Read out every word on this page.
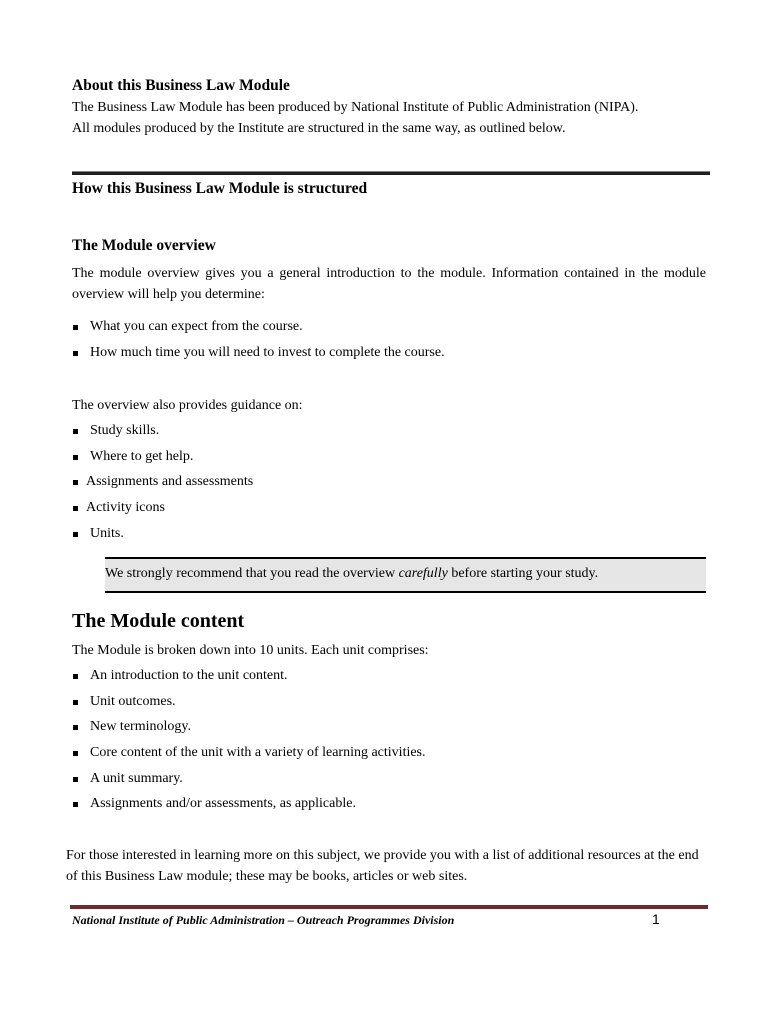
About this Business Law Module

The Business Law Module has been produced by National Institute of Public Administration (NIPA).

All modules produced by the Institute are structured in the same way, as outlined below.

How this Business Law Module is structured
The Module overview

The module overview gives you a general introduction to the module. Information contained in the module overview will help you determine:

What you can expect from the course.
How much time you will need to invest to complete the course.

The overview also provides guidance on:

Study skills.
Where to get help.
Assignments and assessments
Activity icons
Units.
We strongly recommend that you read the overview carefully before starting your study.
The Module content

The Module is broken down into 10 units. Each unit comprises:

An introduction to the unit content.
Unit outcomes.
New terminology.
Core content of the unit with a variety of learning activities.
A unit summary.
Assignments and/or assessments, as applicable.

For those interested in learning more on this subject, we provide you with a list of additional resources at the end of this Business Law module; these may be books, articles or web sites.

National Institute of Public Administration – Outreach Programmes Division	1
